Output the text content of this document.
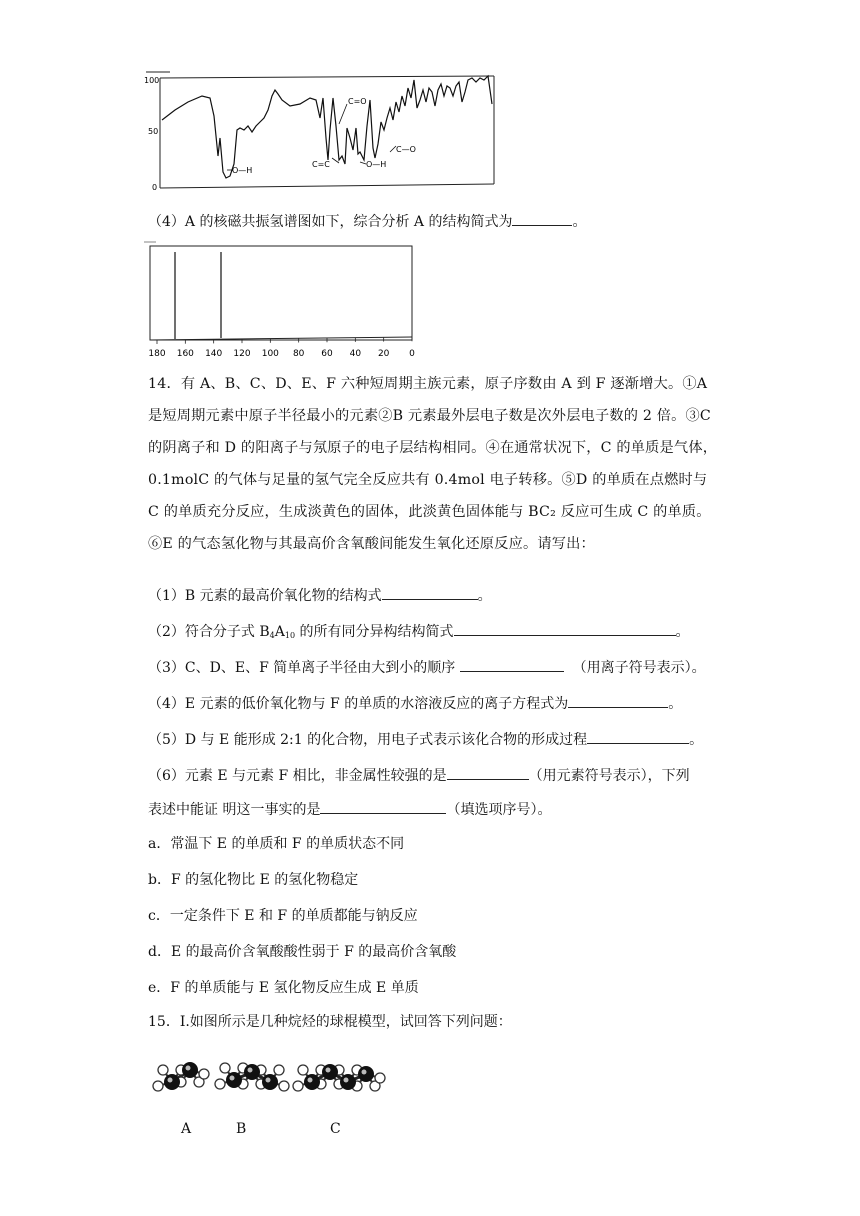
100
50
0
C=O
O—H
C=C	O—H
C—O
（4）A 的核磁共振氢谱图如下，综合分析 A 的结构简式为	。
180 160 140 120 100 80 60 40 20 0
14．有 A、B、C、D、E、F 六种短周期主族元素，原子序数由 A 到 F 逐渐增大。①A 是短周期元素中原子半径最小的元素②B 元素最外层电子数是次外层电子数的 2 倍。③C 的阴离子和 D 的阳离子与氖原子的电子层结构相同。④在通常状况下，C 的单质是气体，0.1molC 的气体与足量的氢气完全反应共有 0.4mol 电子转移。⑤D 的单质在点燃时与 C 的单质充分反应，生成淡黄色的固体，此淡黄色固体能与 BC₂ 反应可生成 C 的单质。⑥E 的气态氢化物与其最高价含氧酸间能发生氧化还原反应。请写出：
（1）B 元素的最高价氧化物的结构式	。
（2）符合分子式 $B_4A_{10}$ 的所有同分异构结构简式	。
（3）C、D、E、F 简单离子半径由大到小的顺序	（用离子符号表示）。
（4）E 元素的低价氧化物与 F 的单质的水溶液反应的离子方程式为	。
（5）D 与 E 能形成 2:1 的化合物，用电子式表示该化合物的形成过程	。
（6）元素 E 与元素 F 相比，非金属性较强的是	（用元素符号表示），下列
表述中能证 明这一事实的是	（填选项序号）。
a．常温下 E 的单质和 F 的单质状态不同
b．F 的氢化物比 E 的氢化物稳定
c．一定条件下 E 和 F 的单质都能与钠反应
d．E 的最高价含氧酸酸性弱于 F 的最高价含氧酸
e．F 的单质能与 E 氢化物反应生成 E 单质
15．Ⅰ.如图所示是几种烷烃的球棍模型，试回答下列问题：
A	B	C
